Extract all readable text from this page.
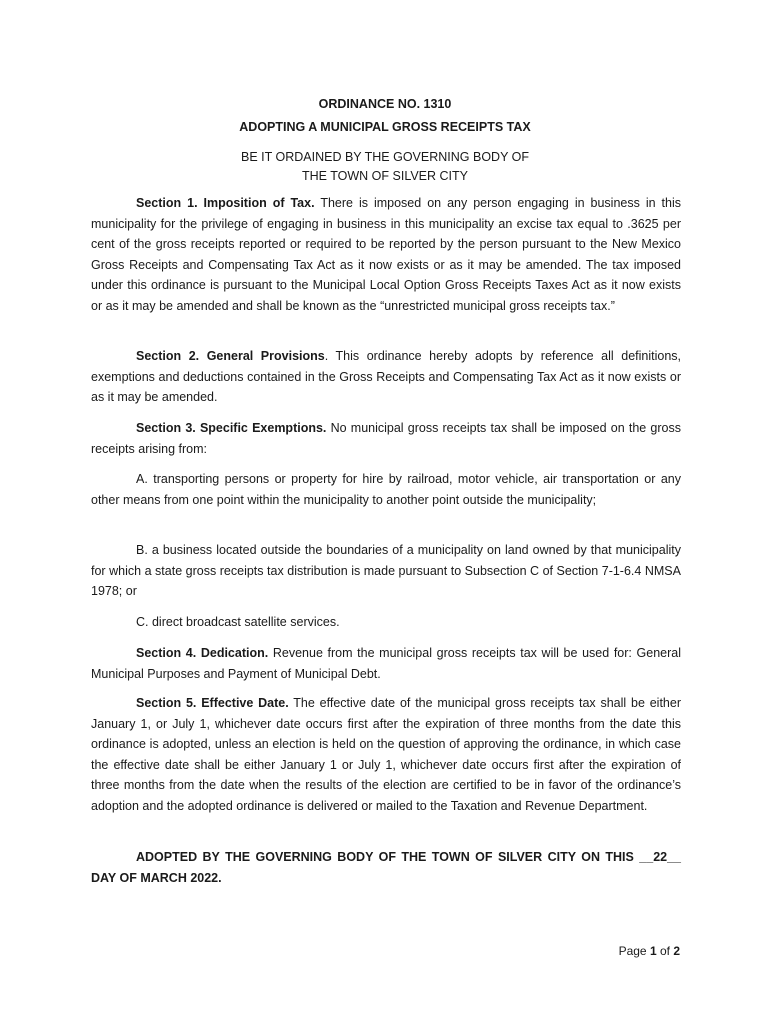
ORDINANCE NO. 1310
ADOPTING A MUNICIPAL GROSS RECEIPTS TAX
BE IT ORDAINED BY THE GOVERNING BODY OF
THE TOWN OF SILVER CITY
Section 1. Imposition of Tax. There is imposed on any person engaging in business in this municipality for the privilege of engaging in business in this municipality an excise tax equal to .3625 per cent of the gross receipts reported or required to be reported by the person pursuant to the New Mexico Gross Receipts and Compensating Tax Act as it now exists or as it may be amended. The tax imposed under this ordinance is pursuant to the Municipal Local Option Gross Receipts Taxes Act as it now exists or as it may be amended and shall be known as the “unrestricted municipal gross receipts tax.”
Section 2. General Provisions. This ordinance hereby adopts by reference all definitions, exemptions and deductions contained in the Gross Receipts and Compensating Tax Act as it now exists or as it may be amended.
Section 3. Specific Exemptions. No municipal gross receipts tax shall be imposed on the gross receipts arising from:
A. transporting persons or property for hire by railroad, motor vehicle, air transportation or any other means from one point within the municipality to another point outside the municipality;
B. a business located outside the boundaries of a municipality on land owned by that municipality for which a state gross receipts tax distribution is made pursuant to Subsection C of Section 7-1-6.4 NMSA 1978; or
C. direct broadcast satellite services.
Section 4. Dedication. Revenue from the municipal gross receipts tax will be used for: General Municipal Purposes and Payment of Municipal Debt.
Section 5. Effective Date. The effective date of the municipal gross receipts tax shall be either January 1, or July 1, whichever date occurs first after the expiration of three months from the date this ordinance is adopted, unless an election is held on the question of approving the ordinance, in which case the effective date shall be either January 1 or July 1, whichever date occurs first after the expiration of three months from the date when the results of the election are certified to be in favor of the ordinance’s adoption and the adopted ordinance is delivered or mailed to the Taxation and Revenue Department.
ADOPTED BY THE GOVERNING BODY OF THE TOWN OF SILVER CITY ON THIS __22__ DAY OF MARCH 2022.
Page 1 of 2
